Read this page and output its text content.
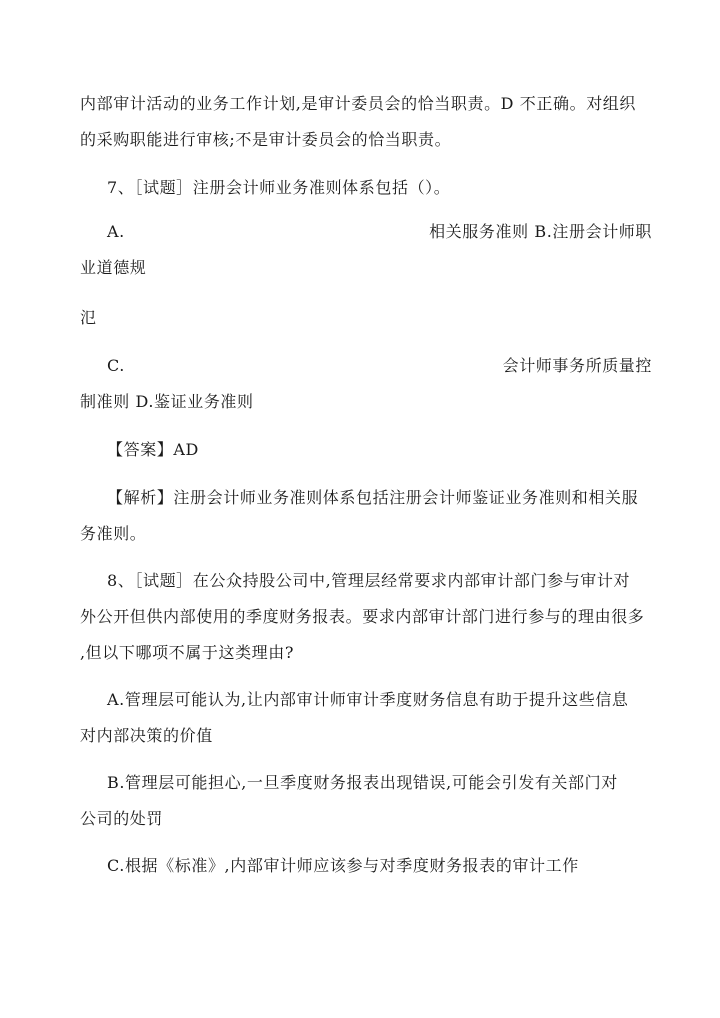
内部审计活动的业务工作计划,是审计委员会的恰当职责。D 不正确。对组织
的采购职能进行审核;不是审计委员会的恰当职责。
7、［试题］注册会计师业务准则体系包括（）。
A.	相关服务准则 B.注册会计师职
业道德规
氾
C.	会计师事务所质量控
制准则 D.鉴证业务准则
【答案】AD
【解析】注册会计师业务准则体系包括注册会计师鉴证业务准则和相关服
务准则。
8、［试题］在公众持股公司中,管理层经常要求内部审计部门参与审计对
外公开但供内部使用的季度财务报表。要求内部审计部门进行参与的理由很多
,但以下哪项不属于这类理由?
A.管理层可能认为,让内部审计师审计季度财务信息有助于提升这些信息
对内部决策的价值
B.管理层可能担心,一旦季度财务报表出现错误,可能会引发有关部门对
公司的处罚
C.根据《标准》,内部审计师应该参与对季度财务报表的审计工作
